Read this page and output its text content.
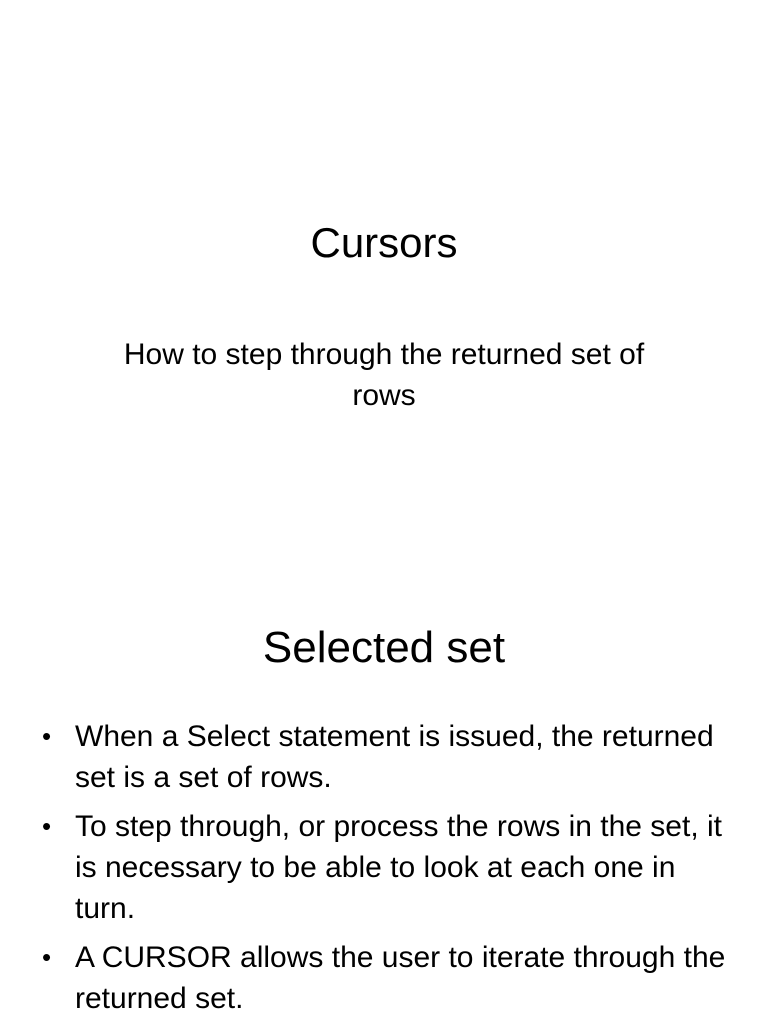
Cursors
How to step through the returned set of rows
Selected set
• When a Select statement is issued, the returned set is a set of rows.
• To step through, or process the rows in the set, it is necessary to be able to look at each one in turn.
• A CURSOR allows the user to iterate through the returned set.
